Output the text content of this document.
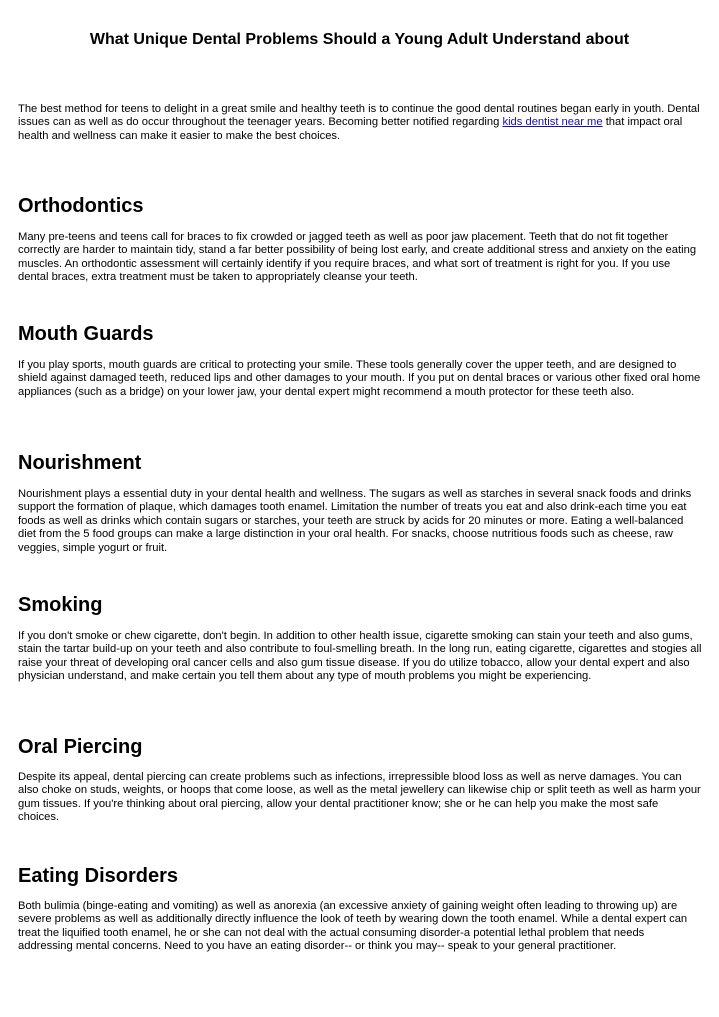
What Unique Dental Problems Should a Young Adult Understand about

The best method for teens to delight in a great smile and healthy teeth is to continue the good dental routines began early in youth. Dental issues can as well as do occur throughout the teenager years. Becoming better notified regarding kids dentist near me that impact oral health and wellness can make it easier to make the best choices.

Orthodontics

Many pre-teens and teens call for braces to fix crowded or jagged teeth as well as poor jaw placement. Teeth that do not fit together correctly are harder to maintain tidy, stand a far better possibility of being lost early, and create additional stress and anxiety on the eating muscles. An orthodontic assessment will certainly identify if you require braces, and what sort of treatment is right for you. If you use dental braces, extra treatment must be taken to appropriately cleanse your teeth.

Mouth Guards

If you play sports, mouth guards are critical to protecting your smile. These tools generally cover the upper teeth, and are designed to shield against damaged teeth, reduced lips and other damages to your mouth. If you put on dental braces or various other fixed oral home appliances (such as a bridge) on your lower jaw, your dental expert might recommend a mouth protector for these teeth also.

Nourishment

Nourishment plays a essential duty in your dental health and wellness. The sugars as well as starches in several snack foods and drinks support the formation of plaque, which damages tooth enamel. Limitation the number of treats you eat and also drink-each time you eat foods as well as drinks which contain sugars or starches, your teeth are struck by acids for 20 minutes or more. Eating a well-balanced diet from the 5 food groups can make a large distinction in your oral health. For snacks, choose nutritious foods such as cheese, raw veggies, simple yogurt or fruit.

Smoking

If you don't smoke or chew cigarette, don't begin. In addition to other health issue, cigarette smoking can stain your teeth and also gums, stain the tartar build-up on your teeth and also contribute to foul-smelling breath. In the long run, eating cigarette, cigarettes and stogies all raise your threat of developing oral cancer cells and also gum tissue disease. If you do utilize tobacco, allow your dental expert and also physician understand, and make certain you tell them about any type of mouth problems you might be experiencing.

Oral Piercing

Despite its appeal, dental piercing can create problems such as infections, irrepressible blood loss as well as nerve damages. You can also choke on studs, weights, or hoops that come loose, as well as the metal jewellery can likewise chip or split teeth as well as harm your gum tissues. If you're thinking about oral piercing, allow your dental practitioner know; she or he can help you make the most safe choices.

Eating Disorders

Both bulimia (binge-eating and vomiting) as well as anorexia (an excessive anxiety of gaining weight often leading to throwing up) are severe problems as well as additionally directly influence the look of teeth by wearing down the tooth enamel. While a dental expert can treat the liquified tooth enamel, he or she can not deal with the actual consuming disorder-a potential lethal problem that needs addressing mental concerns. Need to you have an eating disorder-- or think you may-- speak to your general practitioner.
